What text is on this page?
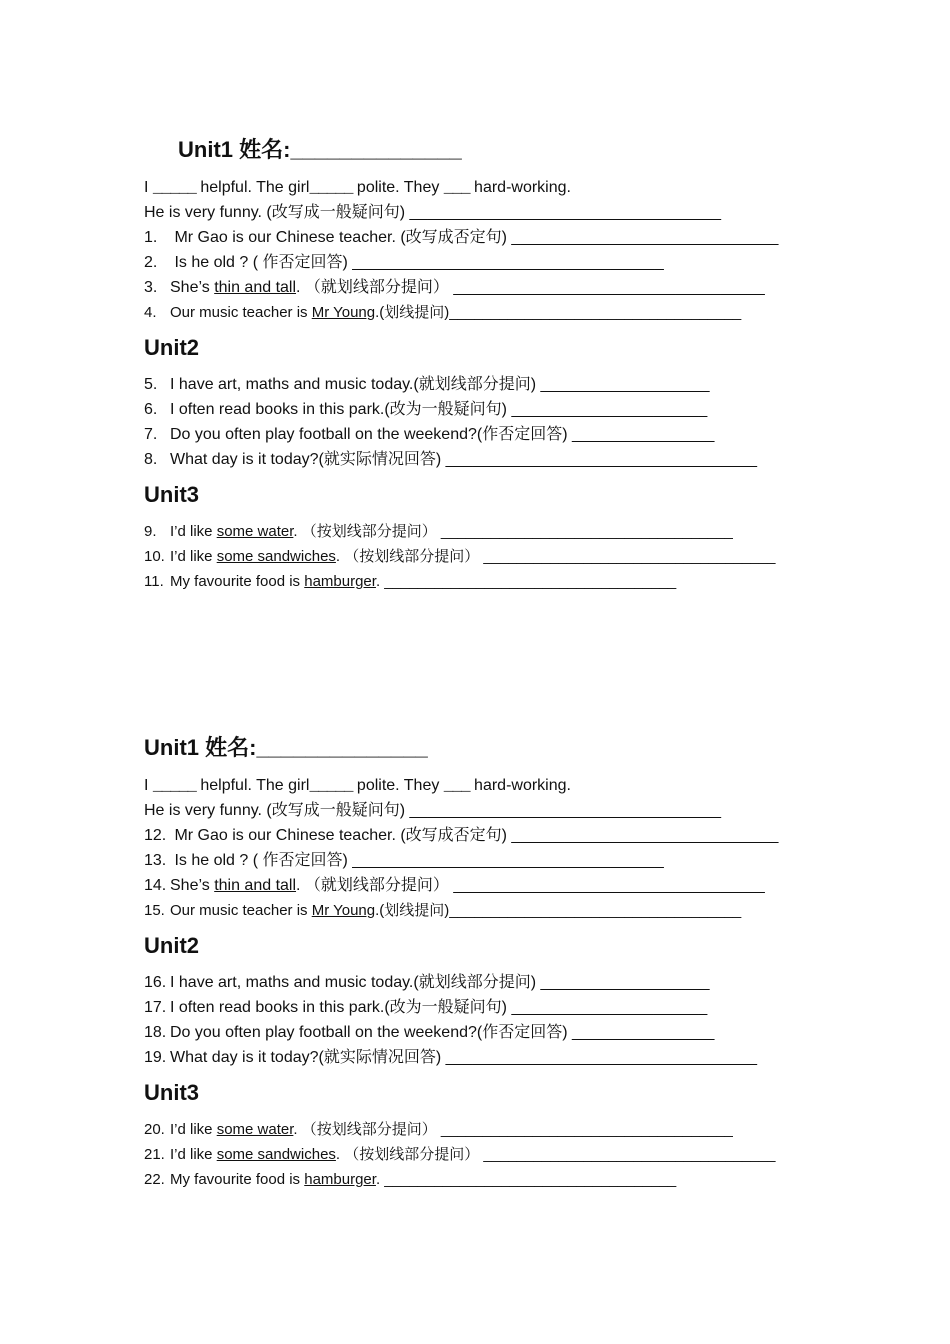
Unit1 姓名:______________
I _____ helpful. The girl_____ polite. They ___ hard-working.
He is very funny. (改写成一般疑问句) ___________________________________
1. Mr Gao is our Chinese teacher. (改写成否定句) ______________________________
2. Is he old ? ( 作否定回答) ___________________________________
3. She’s thin and tall. （就划线部分提问） ___________________________________
4. Our music teacher is Mr Young.(划线提问)___________________________________
Unit2
5. I have art, maths and music today.(就划线部分提问) ___________________
6. I often read books in this park.(改为一般疑问句) ______________________
7. Do you often play football on the weekend?(作否定回答) ________________
8. What day is it today?(就实际情况回答) ___________________________________
Unit3
9. I’d like some water. （按划线部分提问） ___________________________________
10. I’d like some sandwiches. （按划线部分提问） ___________________________________
11. My favourite food is hamburger. ___________________________________
Unit1 姓名:______________
I _____ helpful. The girl_____ polite. They ___ hard-working.
He is very funny. (改写成一般疑问句) ___________________________________
12. Mr Gao is our Chinese teacher. (改写成否定句) ______________________________
13. Is he old ? ( 作否定回答) ___________________________________
14. She’s thin and tall. （就划线部分提问） ___________________________________
15. Our music teacher is Mr Young.(划线提问)___________________________________
Unit2
16. I have art, maths and music today.(就划线部分提问) ___________________
17. I often read books in this park.(改为一般疑问句) ______________________
18. Do you often play football on the weekend?(作否定回答) ________________
19. What day is it today?(就实际情况回答) ___________________________________
Unit3
20. I’d like some water. （按划线部分提问） ___________________________________
21. I’d like some sandwiches. （按划线部分提问） ___________________________________
22. My favourite food is hamburger. ___________________________________
